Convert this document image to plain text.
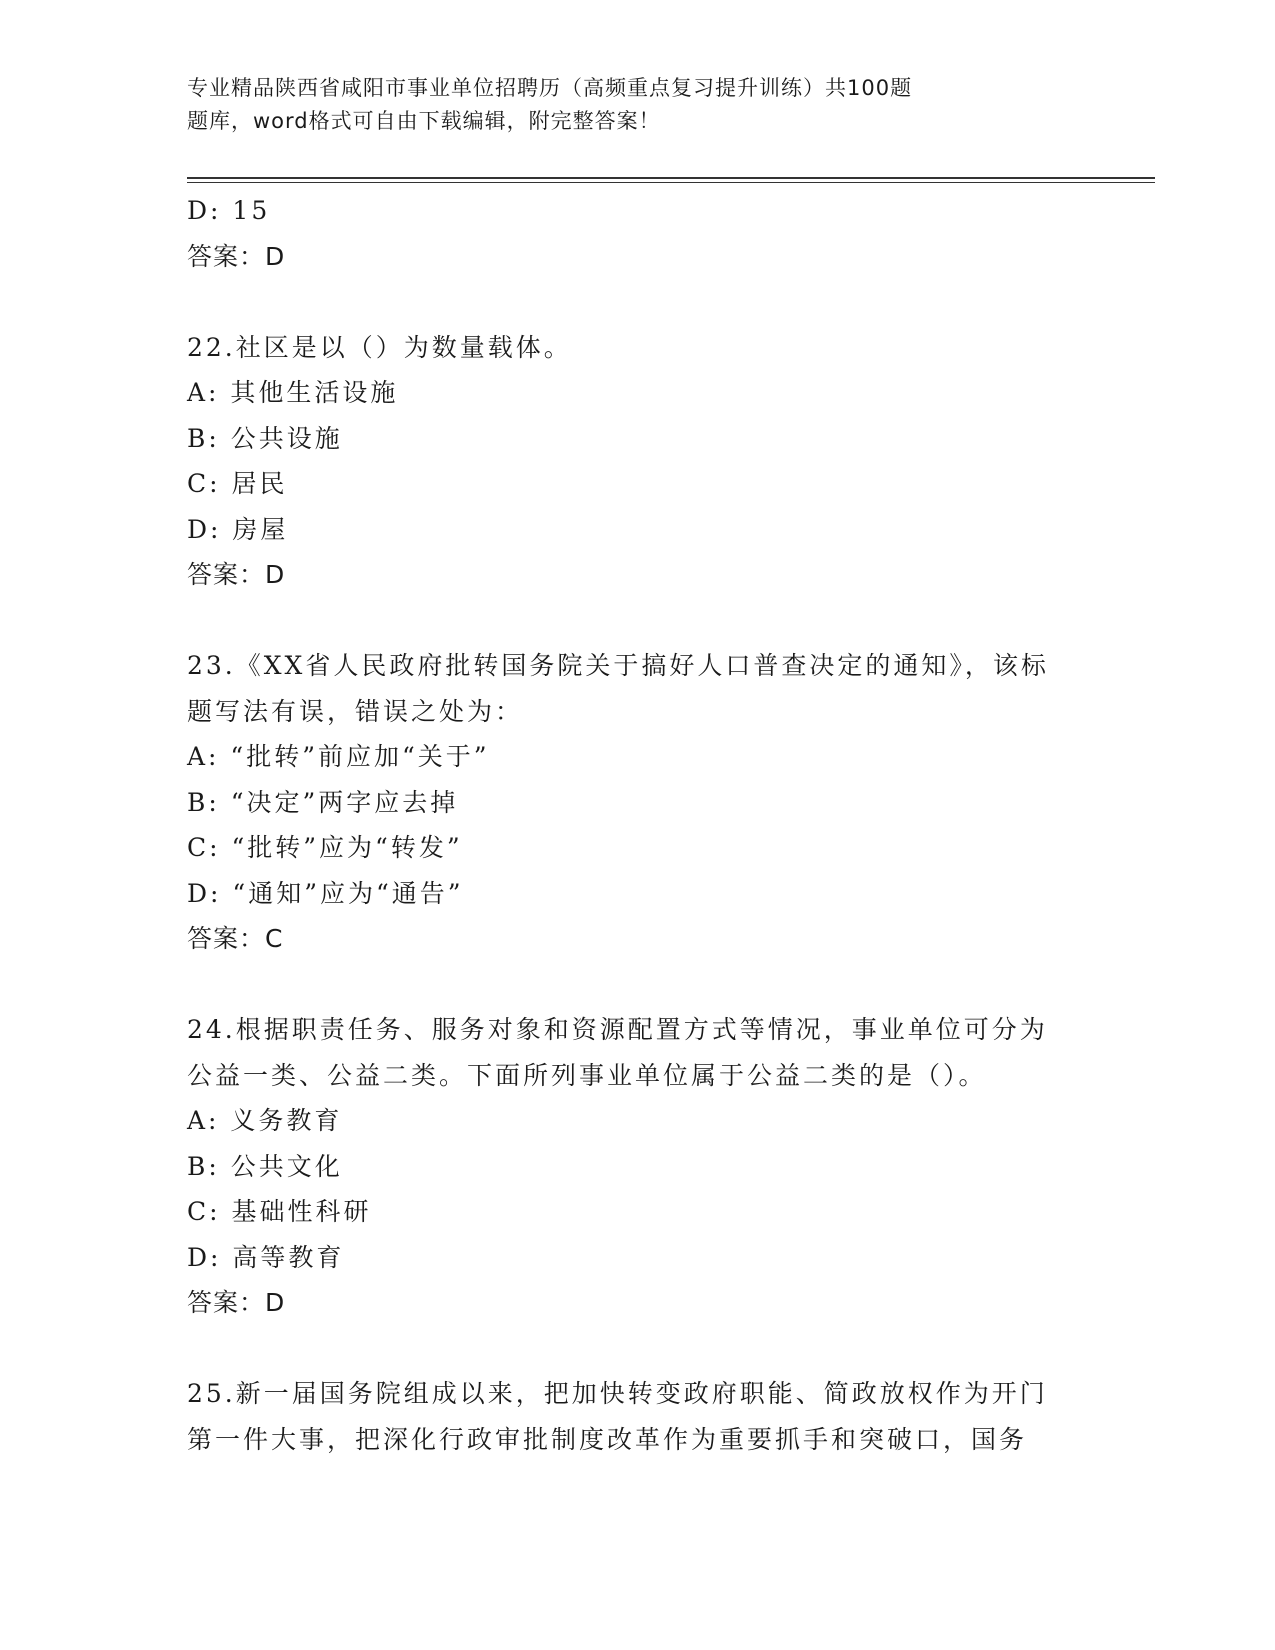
专业精品陕西省咸阳市事业单位招聘历（高频重点复习提升训练）共100题
题库，word格式可自由下载编辑，附完整答案！
D: 15
答案：D
22.社区是以（）为数量载体。
A: 其他生活设施
B: 公共设施
C: 居民
D: 房屋
答案：D
23.《XX省人民政府批转国务院关于搞好人口普查决定的通知》，该标
题写法有误，错误之处为：
A: “批转”前应加“关于”
B: “决定”两字应去掉
C: “批转”应为“转发”
D: “通知”应为“通告”
答案：C
24.根据职责任务、服务对象和资源配置方式等情况，事业单位可分为
公益一类、公益二类。下面所列事业单位属于公益二类的是（）。
A: 义务教育
B: 公共文化
C: 基础性科研
D: 高等教育
答案：D
25.新一届国务院组成以来，把加快转变政府职能、简政放权作为开门
第一件大事，把深化行政审批制度改革作为重要抓手和突破口，国务
